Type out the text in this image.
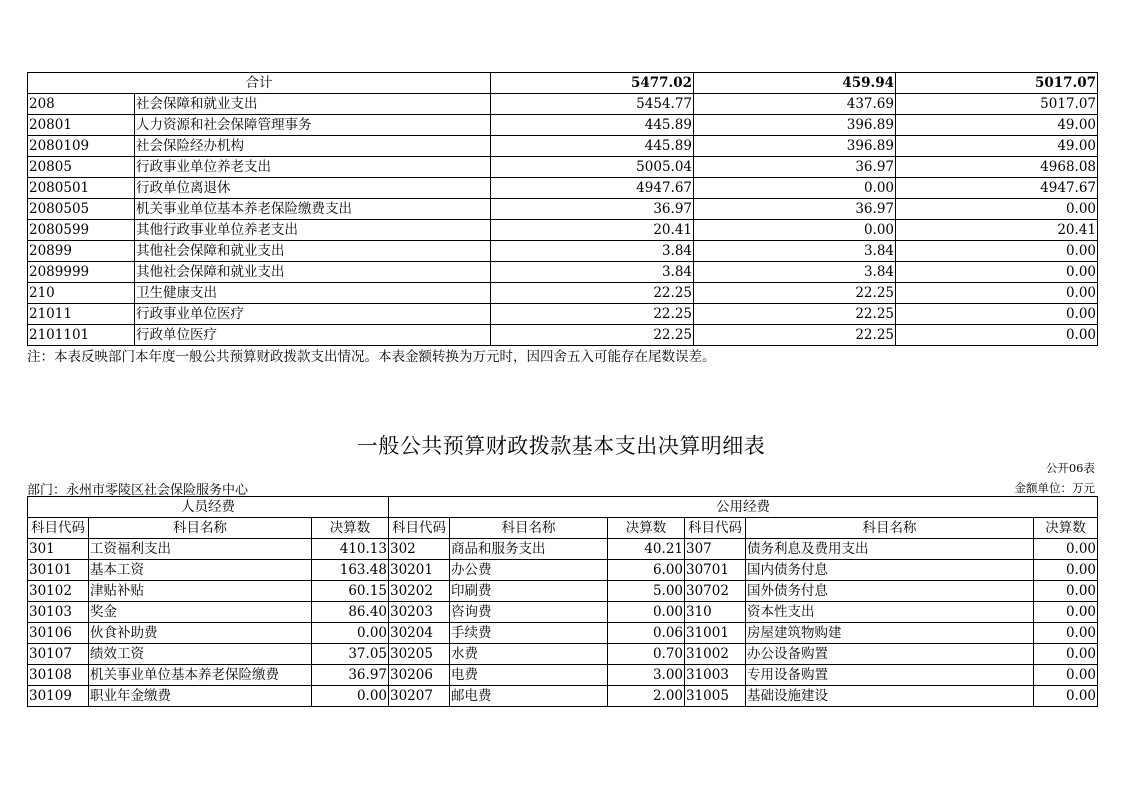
合计		5477.02	459.94	5017.07
208	社会保障和就业支出	5454.77	437.69	5017.07
20801	人力资源和社会保障管理事务	445.89	396.89	49.00
2080109	社会保险经办机构	445.89	396.89	49.00
20805	行政事业单位养老支出	5005.04	36.97	4968.08
2080501	行政单位离退休	4947.67	0.00	4947.67
2080505	机关事业单位基本养老保险缴费支出	36.97	36.97	0.00
2080599	其他行政事业单位养老支出	20.41	0.00	20.41
20899	其他社会保障和就业支出	3.84	3.84	0.00
2089999	其他社会保障和就业支出	3.84	3.84	0.00
210	卫生健康支出	22.25	22.25	0.00
21011	行政事业单位医疗	22.25	22.25	0.00
2101101	行政单位医疗	22.25	22.25	0.00
注：本表反映部门本年度一般公共预算财政拨款支出情况。本表金额转换为万元时，因四舍五入可能存在尾数误差。
一般公共预算财政拨款基本支出决算明细表
公开06表
部门：永州市零陵区社会保险服务中心	金额单位：万元
人员经费			公用经费					
科目代码	科目名称	决算数	科目代码	科目名称	决算数	科目代码	科目名称	决算数
301	工资福利支出	410.13	302	商品和服务支出	40.21	307	债务利息及费用支出	0.00
30101	基本工资	163.48	30201	办公费	6.00	30701	国内债务付息	0.00
30102	津贴补贴	60.15	30202	印刷费	5.00	30702	国外债务付息	0.00
30103	奖金	86.40	30203	咨询费	0.00	310	资本性支出	0.00
30106	伙食补助费	0.00	30204	手续费	0.06	31001	房屋建筑物购建	0.00
30107	绩效工资	37.05	30205	水费	0.70	31002	办公设备购置	0.00
30108	机关事业单位基本养老保险缴费	36.97	30206	电费	3.00	31003	专用设备购置	0.00
30109	职业年金缴费	0.00	30207	邮电费	2.00	31005	基础设施建设	0.00
